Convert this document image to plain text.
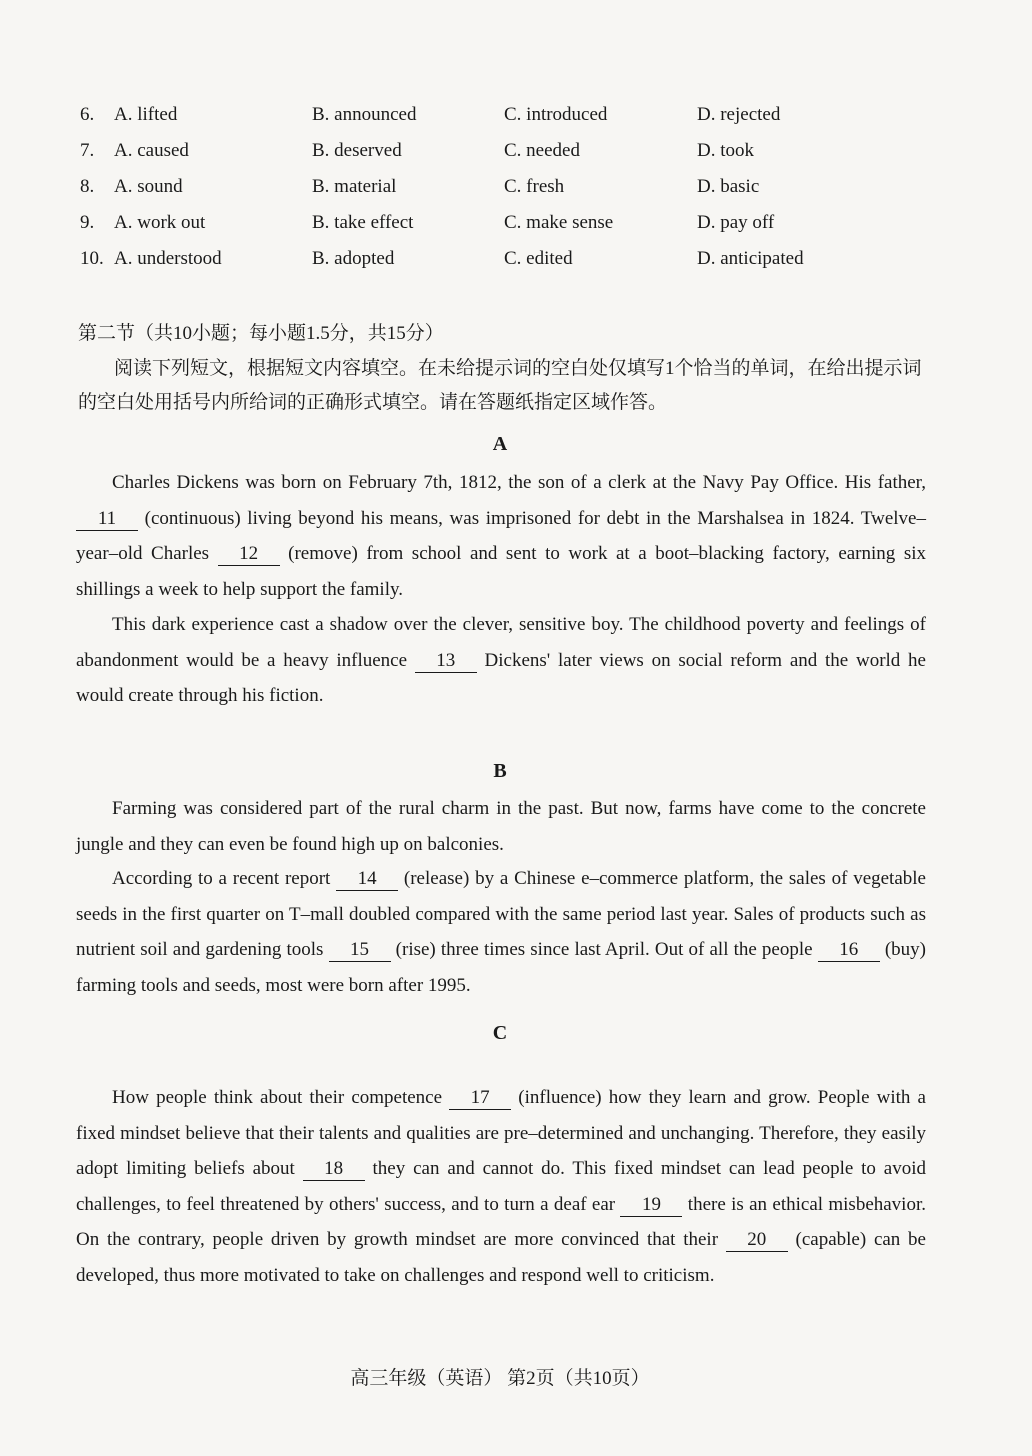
6. A. lifted	B. announced	C. introduced	D. rejected
7. A. caused	B. deserved	C. needed	D. took
8. A. sound	B. material	C. fresh	D. basic
9. A. work out	B. take effect	C. make sense	D. pay off
10. A. understood	B. adopted	C. edited	D. anticipated
第二节（共10小题；每小题1.5分，共15分）
阅读下列短文，根据短文内容填空。在未给提示词的空白处仅填写1个恰当的单词，在给出提示词的空白处用括号内所给词的正确形式填空。请在答题纸指定区域作答。
A

Charles Dickens was born on February 7th, 1812, the son of a clerk at the Navy Pay Office. His father, 11 (continuous) living beyond his means, was imprisoned for debt in the Marshalsea in 1824. Twelve–year–old Charles 12 (remove) from school and sent to work at a boot–blacking factory, earning six shillings a week to help support the family.

This dark experience cast a shadow over the clever, sensitive boy. The childhood poverty and feelings of abandonment would be a heavy influence 13 Dickens' later views on social reform and the world he would create through his fiction.

B

Farming was considered part of the rural charm in the past. But now, farms have come to the concrete jungle and they can even be found high up on balconies.

According to a recent report 14 (release) by a Chinese e–commerce platform, the sales of vegetable seeds in the first quarter on T–mall doubled compared with the same period last year. Sales of products such as nutrient soil and gardening tools 15 (rise) three times since last April. Out of all the people 16 (buy) farming tools and seeds, most were born after 1995.

C

How people think about their competence 17 (influence) how they learn and grow. People with a fixed mindset believe that their talents and qualities are pre–determined and unchanging. Therefore, they easily adopt limiting beliefs about 18 they can and cannot do. This fixed mindset can lead people to avoid challenges, to feel threatened by others' success, and to turn a deaf ear 19 there is an ethical misbehavior. On the contrary, people driven by growth mindset are more convinced that their 20 (capable) can be developed, thus more motivated to take on challenges and respond well to criticism.

高三年级（英语） 第2页（共10页）
